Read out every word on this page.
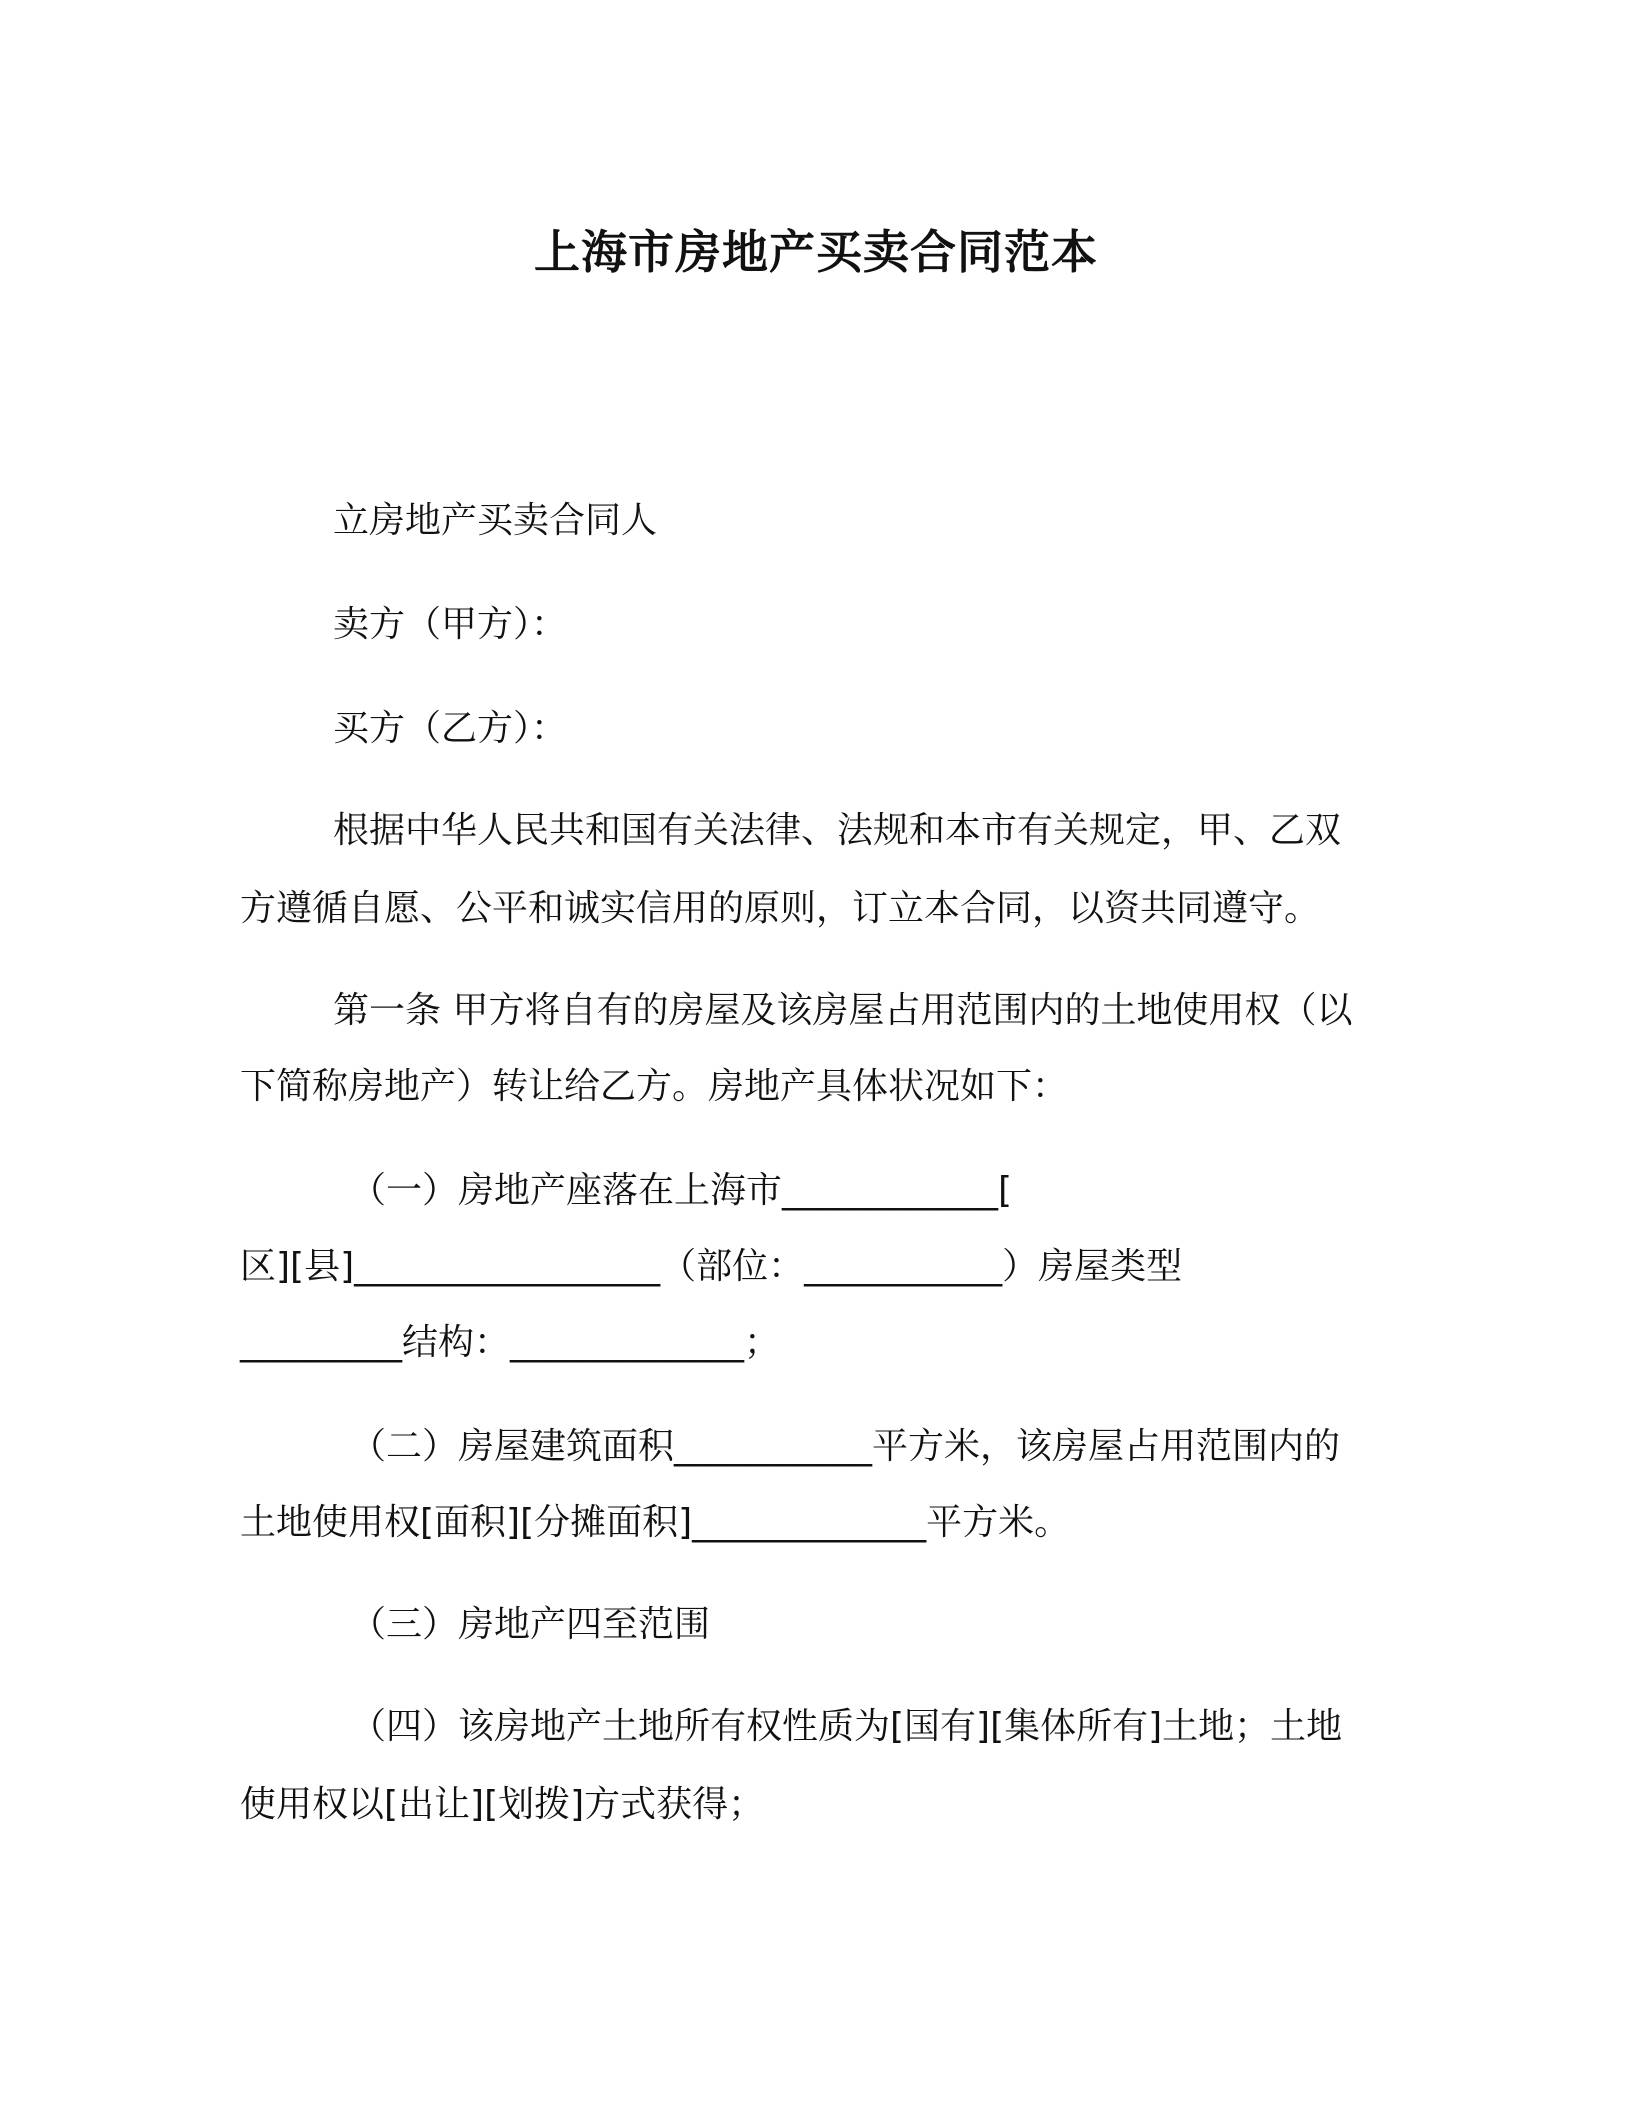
上海市房地产买卖合同范本
立房地产买卖合同人
卖方（甲方）：
买方（乙方）：
根据中华人民共和国有关法律、法规和本市有关规定，甲、乙双
方遵循自愿、公平和诚实信用的原则，订立本合同，以资共同遵守。
第一条 甲方将自有的房屋及该房屋占用范围内的土地使用权（以
下简称房地产）转让给乙方。房地产具体状况如下：
（一）房地产座落在上海市____________[
区][县]_________________（部位：___________）房屋类型
_________结构：_____________；
（二）房屋建筑面积___________平方米，该房屋占用范围内的
土地使用权[面积][分摊面积]_____________平方米。
（三）房地产四至范围
（四）该房地产土地所有权性质为[国有][集体所有]土地；土地
使用权以[出让][划拨]方式获得；
